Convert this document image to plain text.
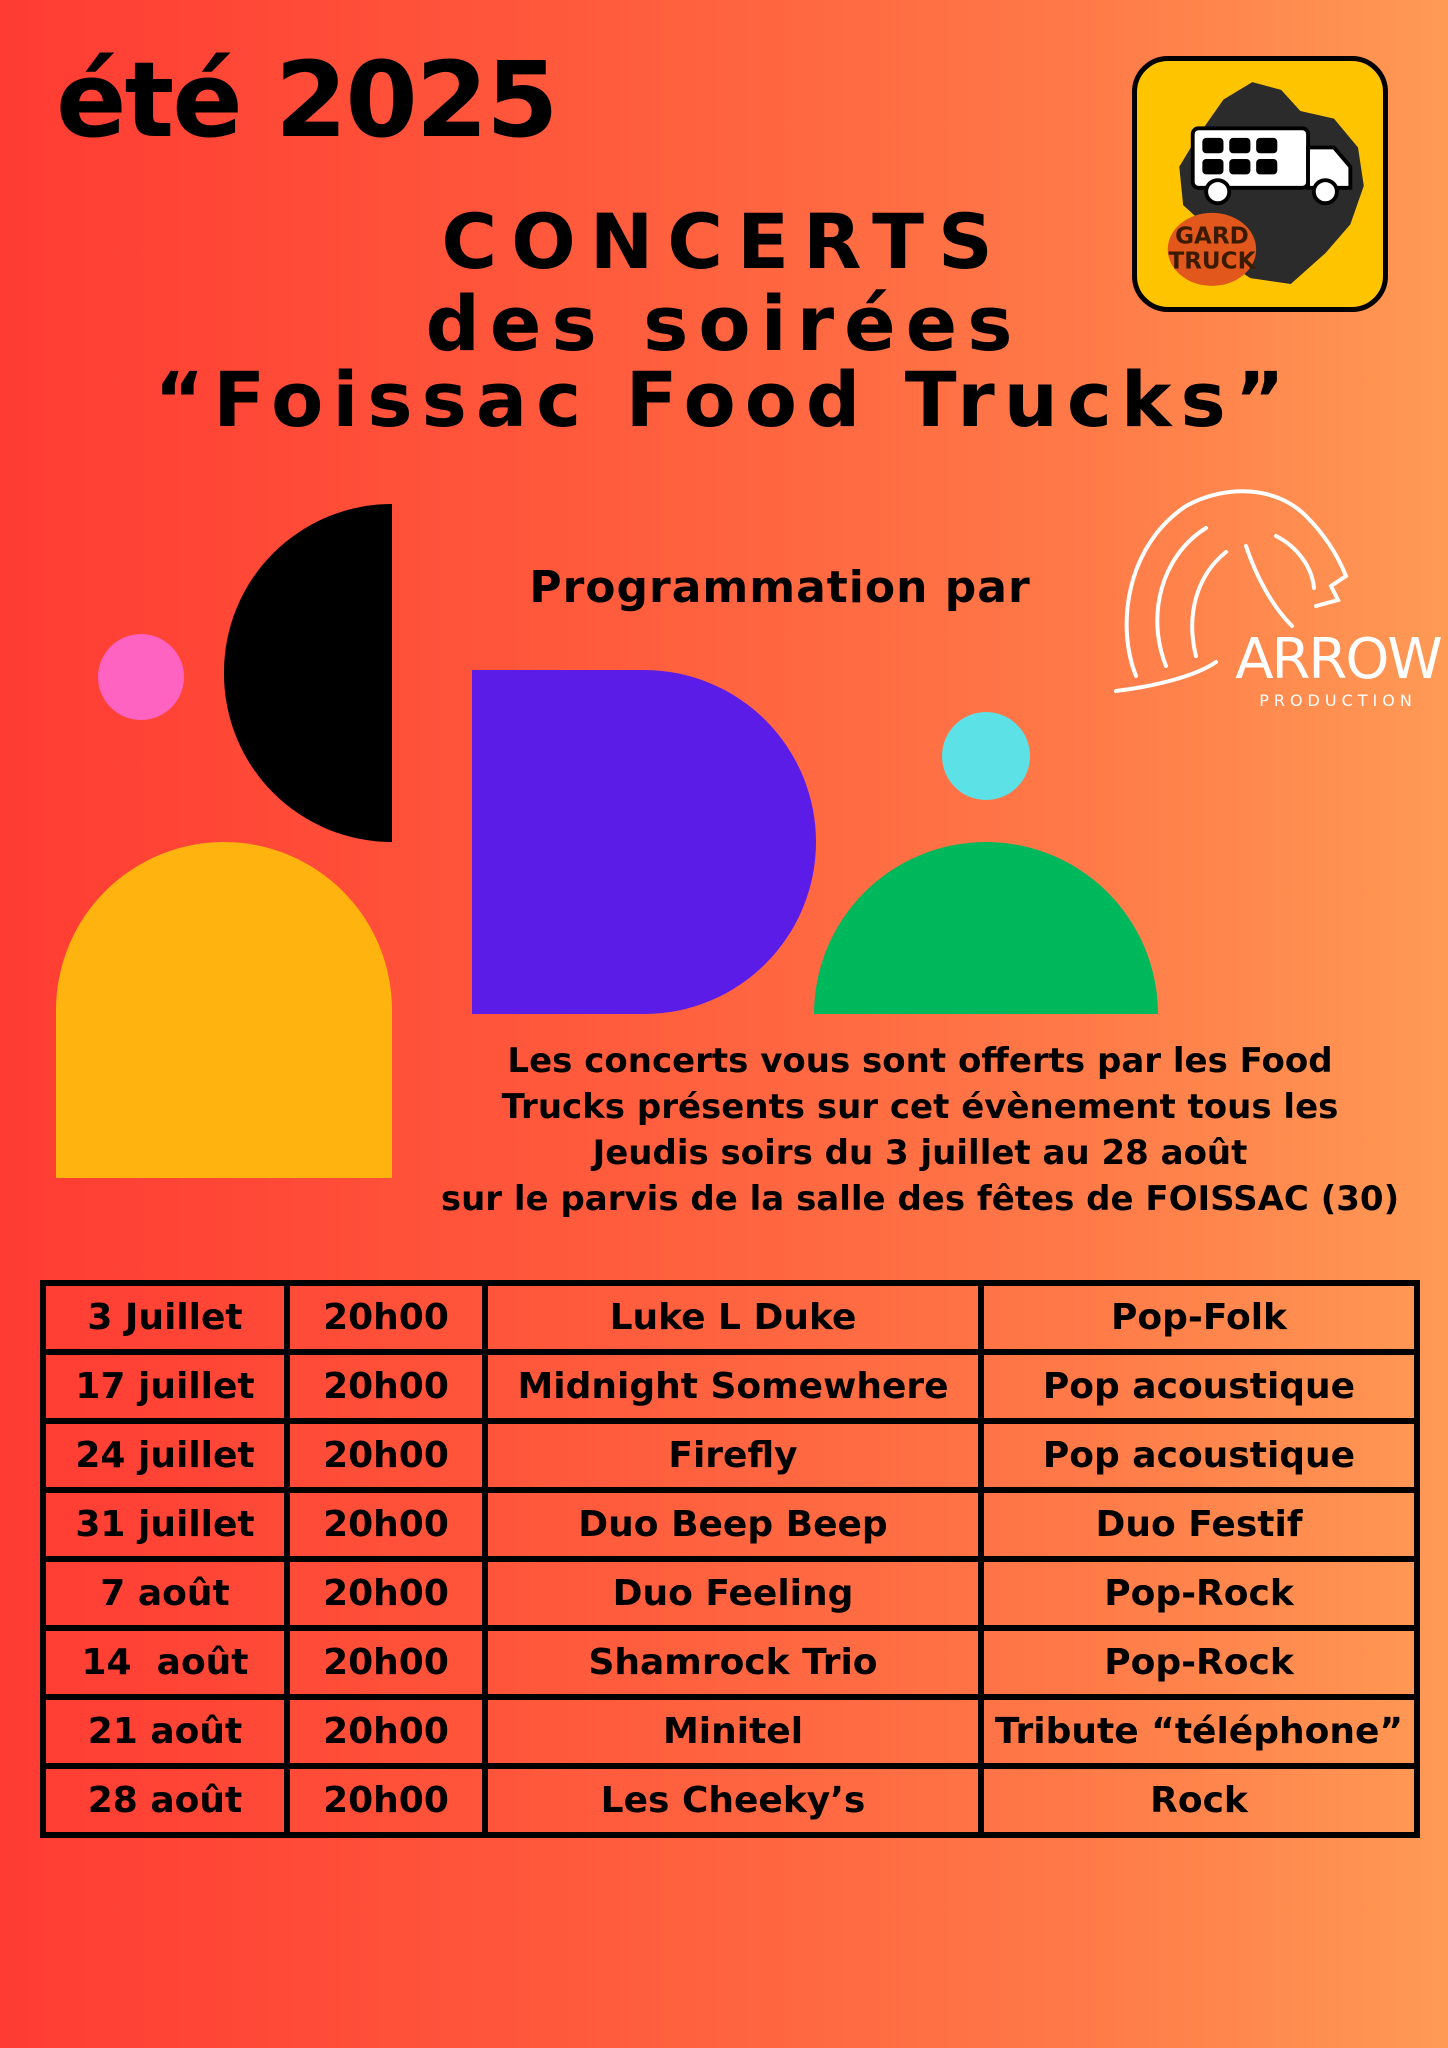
été 2025
GARD
TRUCK
CONCERTS
des soirées
“Foissac Food Trucks”
Programmation par
ARROW
PRODUCTION
Les concerts vous sont offerts par les Food
Trucks présents sur cet évènement tous les
Jeudis soirs du 3 juillet au 28 août
sur le parvis de la salle des fêtes de FOISSAC (30)
3 Juillet	20h00	Luke L Duke	Pop-Folk
17 juillet	20h00	Midnight Somewhere	Pop acoustique
24 juillet	20h00	Firefly	Pop acoustique
31 juillet	20h00	Duo Beep Beep	Duo Festif
7 août	20h00	Duo Feeling	Pop-Rock
14  août	20h00	Shamrock Trio	Pop-Rock
21 août	20h00	Minitel	Tribute “téléphone”
28 août	20h00	Les Cheeky’s	Rock
